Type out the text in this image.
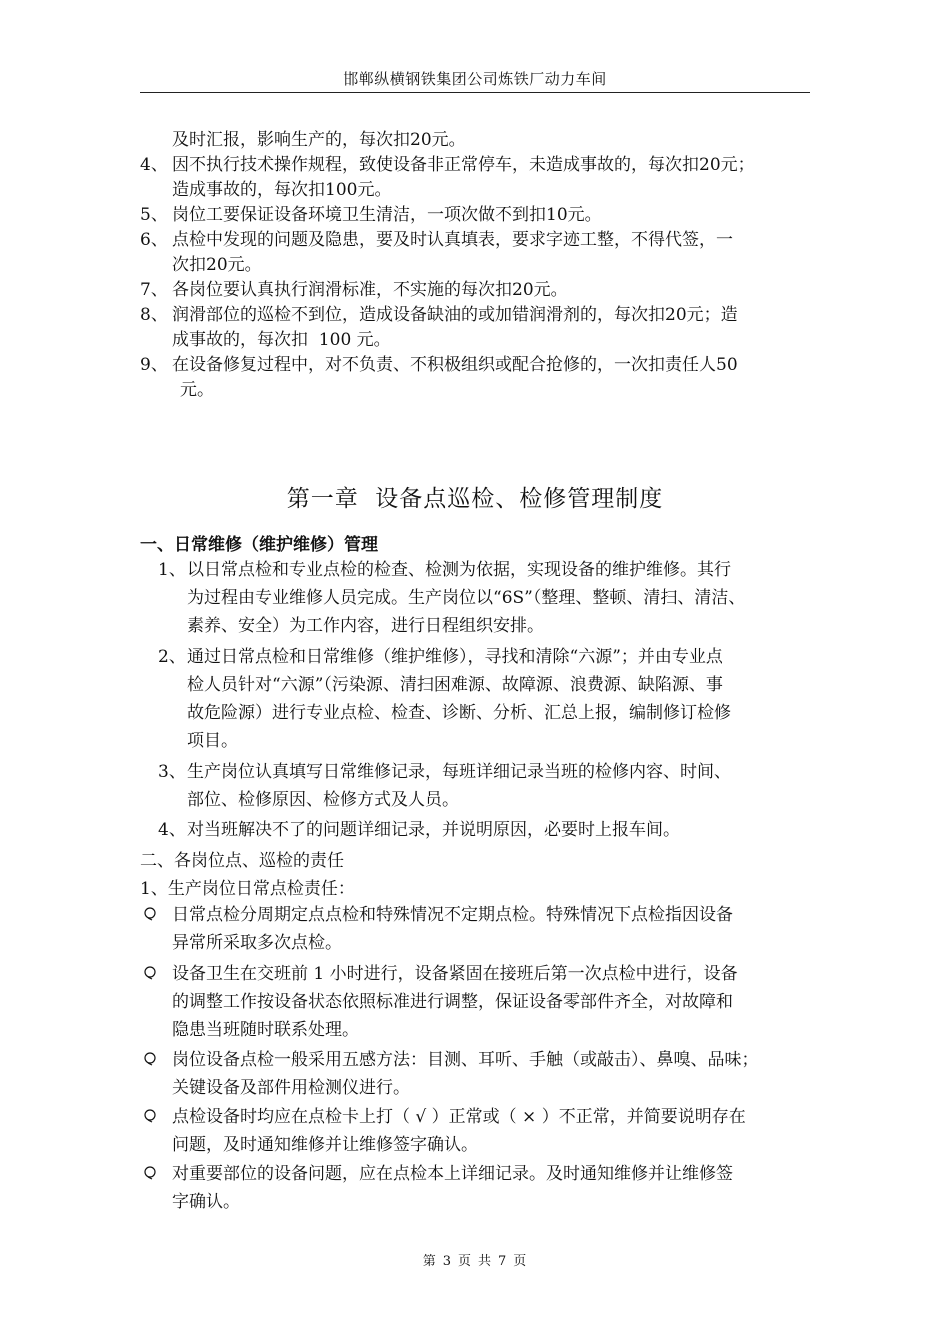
邯郸纵横钢铁集团公司炼铁厂动力车间
及时汇报，影响生产的，每次扣20元。
4、 因不执行技术操作规程，致使设备非正常停车，未造成事故的，每次扣20元；
造成事故的，每次扣100元。
5、 岗位工要保证设备环境卫生清洁，一项次做不到扣10元。
6、 点检中发现的问题及隐患，要及时认真填表，要求字迹工整，不得代签，一
次扣20元。
7、 各岗位要认真执行润滑标准，不实施的每次扣20元。
8、 润滑部位的巡检不到位，造成设备缺油的或加错润滑剂的，每次扣20元；造
成事故的，每次扣  100 元。
9、 在设备修复过程中，对不负责、不积极组织或配合抢修的，一次扣责任人50
元。
第一章  设备点巡检、检修管理制度
一、日常维修（维护维修）管理
1、 以日常点检和专业点检的检查、检测为依据，实现设备的维护维修。其行
为过程由专业维修人员完成。生产岗位以“6S”（整理、整顿、清扫、清洁、
素养、安全）为工作内容，进行日程组织安排。
2、 通过日常点检和日常维修（维护维修），寻找和清除“六源”；并由专业点
检人员针对“六源”（污染源、清扫困难源、故障源、浪费源、缺陷源、事
故危险源）进行专业点检、检查、诊断、分析、汇总上报，编制修订检修
项目。
3、 生产岗位认真填写日常维修记录，每班详细记录当班的检修内容、时间、
部位、检修原因、检修方式及人员。
4、 对当班解决不了的问题详细记录，并说明原因，必要时上报车间。
二、各岗位点、巡检的责任
1、生产岗位日常点检责任：
日常点检分周期定点点检和特殊情况不定期点检。特殊情况下点检指因设备
异常所采取多次点检。
设备卫生在交班前 1 小时进行，设备紧固在接班后第一次点检中进行，设备
的调整工作按设备状态依照标准进行调整，保证设备零部件齐全，对故障和
隐患当班随时联系处理。
岗位设备点检一般采用五感方法：目测、耳听、手触（或敲击）、鼻嗅、品味；
关键设备及部件用检测仪进行。
点检设备时均应在点检卡上打（ √ ）正常或（ × ）不正常，并简要说明存在
问题，及时通知维修并让维修签字确认。
对重要部位的设备问题，应在点检本上详细记录。及时通知维修并让维修签
字确认。
第 3 页 共 7 页
